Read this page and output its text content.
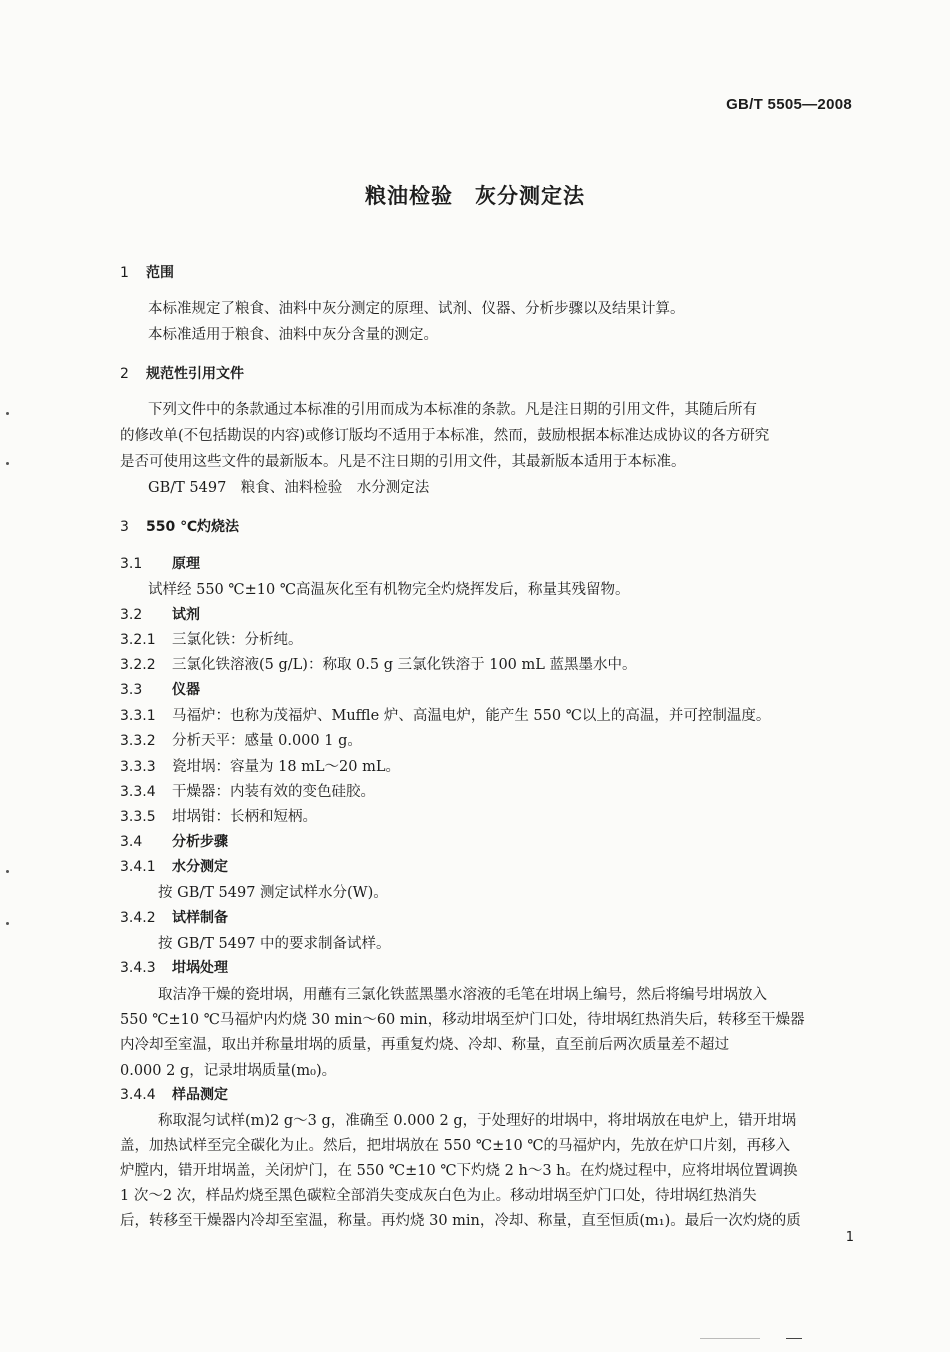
GB/T 5505—2008
粮油检验　灰分测定法
1 范围
本标准规定了粮食、油料中灰分测定的原理、试剂、仪器、分析步骤以及结果计算。
本标准适用于粮食、油料中灰分含量的测定。
2 规范性引用文件
下列文件中的条款通过本标准的引用而成为本标准的条款。凡是注日期的引用文件，其随后所有
的修改单(不包括勘误的内容)或修订版均不适用于本标准，然而，鼓励根据本标准达成协议的各方研究
是否可使用这些文件的最新版本。凡是不注日期的引用文件，其最新版本适用于本标准。
GB/T 5497　粮食、油料检验　水分测定法
3 550 ℃灼烧法
3.1 原理
试样经 550 ℃±10 ℃高温灰化至有机物完全灼烧挥发后，称量其残留物。
3.2 试剂
3.2.1 三氯化铁：分析纯。
3.2.2 三氯化铁溶液(5 g/L)：称取 0.5 g 三氯化铁溶于 100 mL 蓝黑墨水中。
3.3 仪器
3.3.1 马福炉：也称为茂福炉、Muffle 炉、高温电炉，能产生 550 ℃以上的高温，并可控制温度。
3.3.2 分析天平：感量 0.000 1 g。
3.3.3 瓷坩埚：容量为 18 mL～20 mL。
3.3.4 干燥器：内装有效的变色硅胶。
3.3.5 坩埚钳：长柄和短柄。
3.4 分析步骤
3.4.1 水分测定
按 GB/T 5497 测定试样水分(W)。
3.4.2 试样制备
按 GB/T 5497 中的要求制备试样。
3.4.3 坩埚处理
取洁净干燥的瓷坩埚，用蘸有三氯化铁蓝黑墨水溶液的毛笔在坩埚上编号，然后将编号坩埚放入
550 ℃±10 ℃马福炉内灼烧 30 min～60 min，移动坩埚至炉门口处，待坩埚红热消失后，转移至干燥器
内冷却至室温，取出并称量坩埚的质量，再重复灼烧、冷却、称量，直至前后两次质量差不超过
0.000 2 g，记录坩埚质量(m₀)。
3.4.4 样品测定
称取混匀试样(m)2 g～3 g，准确至 0.000 2 g，于处理好的坩埚中，将坩埚放在电炉上，错开坩埚
盖，加热试样至完全碳化为止。然后，把坩埚放在 550 ℃±10 ℃的马福炉内，先放在炉口片刻，再移入
炉膛内，错开坩埚盖，关闭炉门，在 550 ℃±10 ℃下灼烧 2 h～3 h。在灼烧过程中，应将坩埚位置调换
1 次～2 次，样品灼烧至黑色碳粒全部消失变成灰白色为止。移动坩埚至炉门口处，待坩埚红热消失
后，转移至干燥器内冷却至室温，称量。再灼烧 30 min，冷却、称量，直至恒质(m₁)。最后一次灼烧的质
1
